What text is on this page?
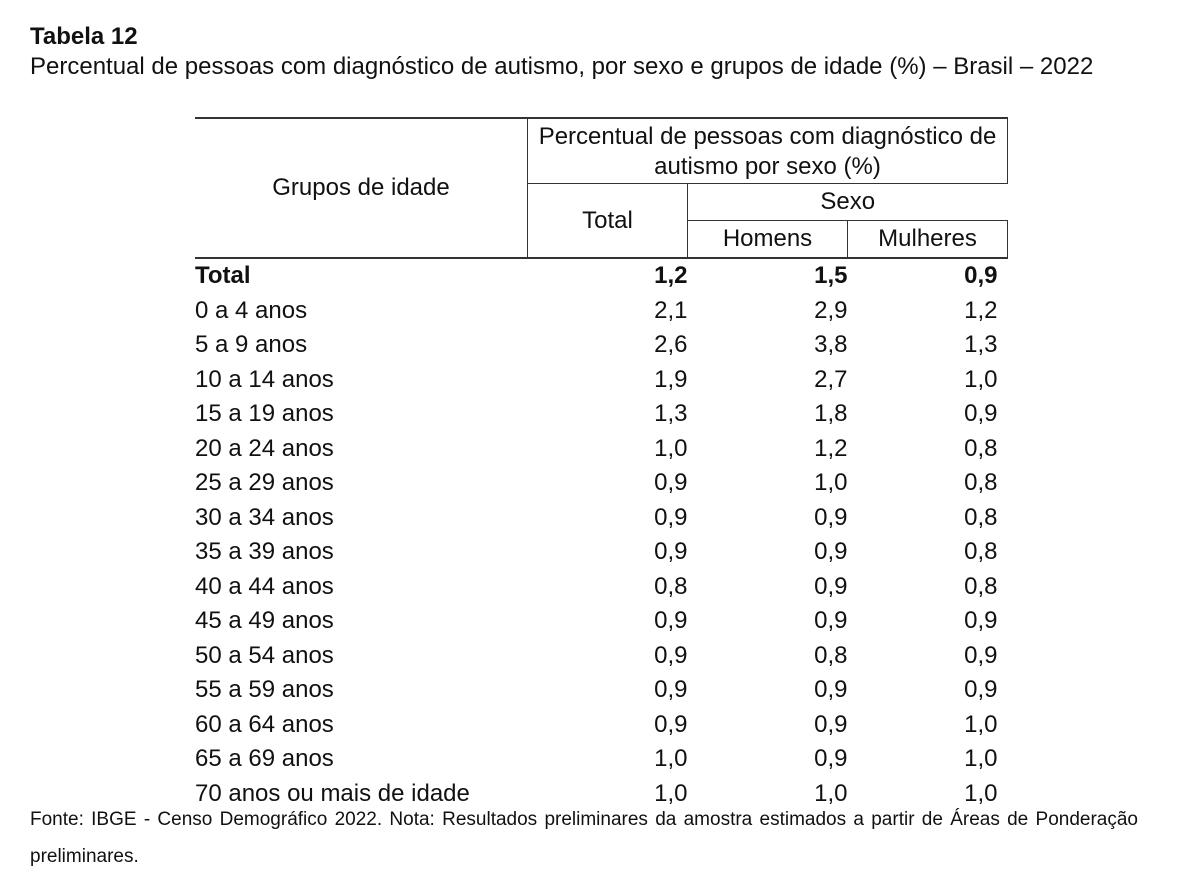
Tabela 12
Percentual de pessoas com diagnóstico de autismo, por sexo e grupos de idade (%) – Brasil – 2022
Grupos de idade	Percentual de pessoas com diagnóstico de autismo por sexo (%)		
	Total	Sexo	
		Homens	Mulheres
Total	1,2	1,5	0,9
0 a 4 anos	2,1	2,9	1,2
5 a 9 anos	2,6	3,8	1,3
10 a 14 anos	1,9	2,7	1,0
15 a 19 anos	1,3	1,8	0,9
20 a 24 anos	1,0	1,2	0,8
25 a 29 anos	0,9	1,0	0,8
30 a 34 anos	0,9	0,9	0,8
35 a 39 anos	0,9	0,9	0,8
40 a 44 anos	0,8	0,9	0,8
45 a 49 anos	0,9	0,9	0,9
50 a 54 anos	0,9	0,8	0,9
55 a 59 anos	0,9	0,9	0,9
60 a 64 anos	0,9	0,9	1,0
65 a 69 anos	1,0	0,9	1,0
70 anos ou mais de idade	1,0	1,0	1,0
Fonte: IBGE - Censo Demográfico 2022. Nota: Resultados preliminares da amostra estimados a partir de Áreas de Ponderação preliminares.
